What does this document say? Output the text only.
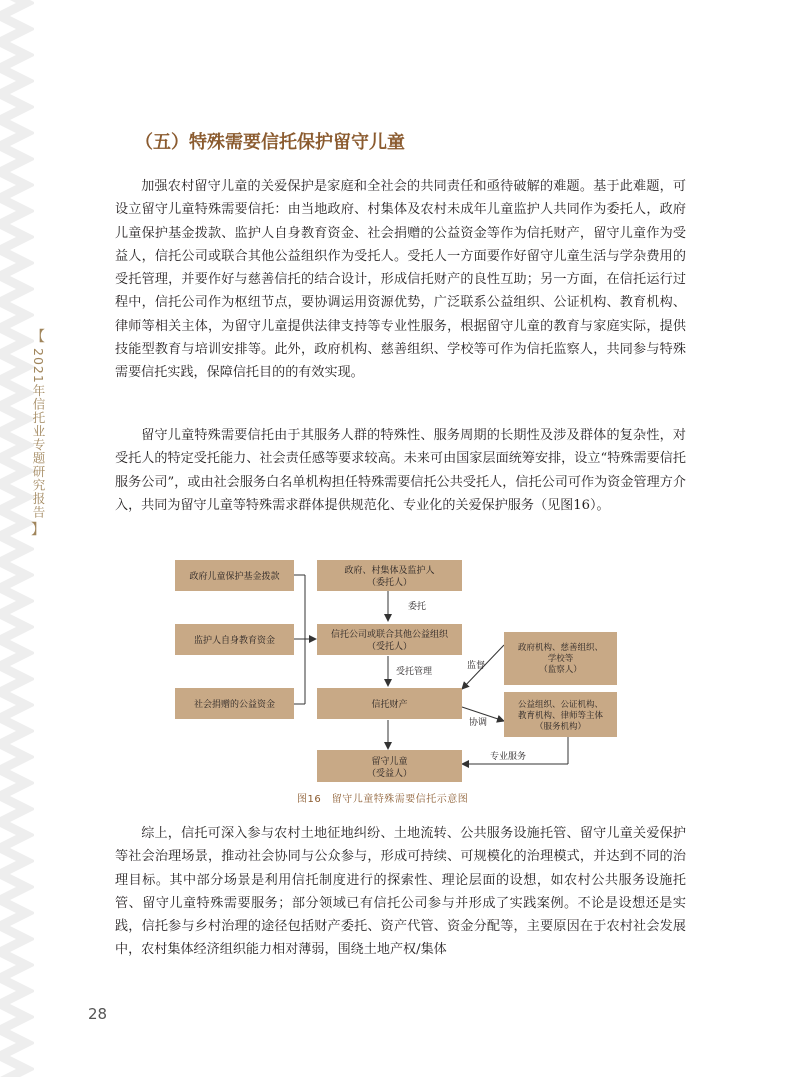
【
2021年信托业专题研究报告
】
（五）特殊需要信托保护留守儿童

加强农村留守儿童的关爱保护是家庭和全社会的共同责任和亟待破解的难题。基于此难题，可设立留守儿童特殊需要信托：由当地政府、村集体及农村未成年儿童监护人共同作为委托人，政府儿童保护基金拨款、监护人自身教育资金、社会捐赠的公益资金等作为信托财产，留守儿童作为受益人，信托公司或联合其他公益组织作为受托人。受托人一方面要作好留守儿童生活与学杂费用的受托管理，并要作好与慈善信托的结合设计，形成信托财产的良性互助；另一方面，在信托运行过程中，信托公司作为枢纽节点，要协调运用资源优势，广泛联系公益组织、公证机构、教育机构、律师等相关主体，为留守儿童提供法律支持等专业性服务，根据留守儿童的教育与家庭实际，提供技能型教育与培训安排等。此外，政府机构、慈善组织、学校等可作为信托监察人，共同参与特殊需要信托实践，保障信托目的的有效实现。

留守儿童特殊需要信托由于其服务人群的特殊性、服务周期的长期性及涉及群体的复杂性，对受托人的特定受托能力、社会责任感等要求较高。未来可由国家层面统筹安排，设立“特殊需要信托服务公司”，或由社会服务白名单机构担任特殊需要信托公共受托人，信托公司可作为资金管理方介入，共同为留守儿童等特殊需求群体提供规范化、专业化的关爱保护服务（见图16）。

政府儿童保护基金拨款
监护人自身教育资金
社会捐赠的公益资金
政府、村集体及监护人
（委托人）
信托公司或联合其他公益组织
（受托人）
信托财产
留守儿童
（受益人）
政府机构、慈善组织、
学校等
（监察人）
公益组织、公证机构、
教育机构、律师等主体
（服务机构）
委托
受托管理
监督
协调
专业服务

图16　留守儿童特殊需要信托示意图

综上，信托可深入参与农村土地征地纠纷、土地流转、公共服务设施托管、留守儿童关爱保护等社会治理场景，推动社会协同与公众参与，形成可持续、可规模化的治理模式，并达到不同的治理目标。其中部分场景是利用信托制度进行的探索性、理论层面的设想，如农村公共服务设施托管、留守儿童特殊需要服务；部分领域已有信托公司参与并形成了实践案例。不论是设想还是实践，信托参与乡村治理的途径包括财产委托、资产代管、资金分配等，主要原因在于农村社会发展中，农村集体经济组织能力相对薄弱，围绕土地产权/集体

28
